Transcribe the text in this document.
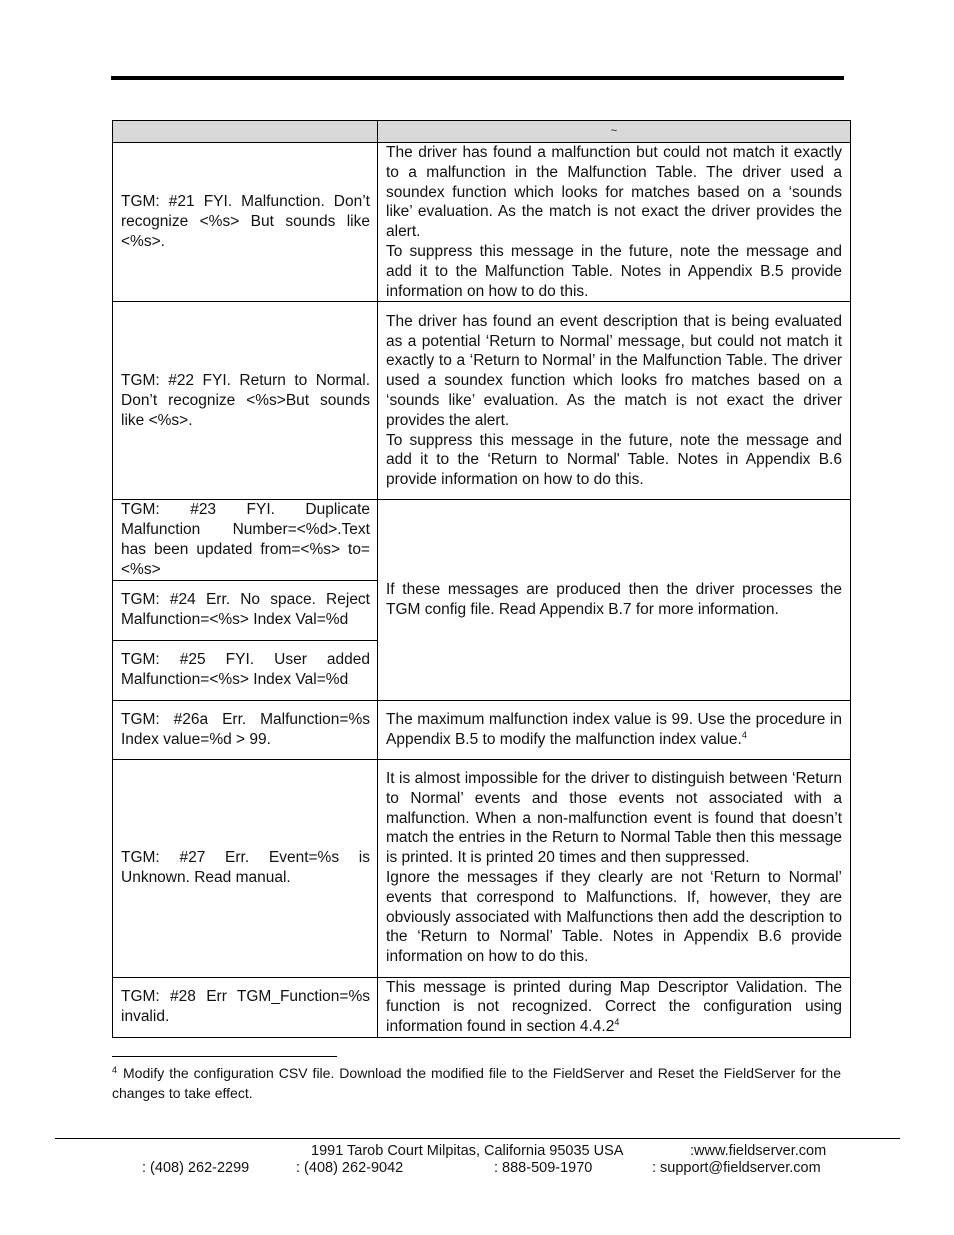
	~
TGM: #21 FYI. Malfunction. Don’t recognize <%s> But sounds like <%s>.	The driver has found a malfunction but could not match it exactly to a malfunction in the Malfunction Table. The driver used a soundex function which looks for matches based on a ‘sounds like’ evaluation. As the match is not exact the driver provides the alert.

To suppress this message in the future, note the message and add it to the Malfunction Table. Notes in Appendix B.5 provide information on how to do this.

TGM: #22 FYI. Return to Normal. Don’t recognize <%s>But sounds like <%s>.	The driver has found an event description that is being evaluated as a potential ‘Return to Normal’ message, but could not match it exactly to a ‘Return to Normal’ in the Malfunction Table. The driver used a soundex function which looks fro matches based on a ‘sounds like’ evaluation. As the match is not exact the driver provides the alert.

To suppress this message in the future, note the message and add it to the ‘Return to Normal' Table. Notes in Appendix B.6 provide information on how to do this.

TGM: #23 FYI. Duplicate Malfunction Number=<%d>.Text has been updated from=<%s> to=<%s>	If these messages are produced then the driver processes the TGM config file. Read Appendix B.7 for more information.
TGM: #24 Err. No space. Reject Malfunction=<%s> Index Val=%d	
TGM: #25 FYI. User added Malfunction=<%s> Index Val=%d	
TGM: #26a Err. Malfunction=%s Index value=%d > 99.	The maximum malfunction index value is 99. Use the procedure in Appendix B.5 to modify the malfunction index value.$^4$
TGM: #27 Err. Event=%s is Unknown. Read manual.	It is almost impossible for the driver to distinguish between ‘Return to Normal’ events and those events not associated with a malfunction. When a non-malfunction event is found that doesn’t match the entries in the Return to Normal Table then this message is printed. It is printed 20 times and then suppressed.

Ignore the messages if they clearly are not ‘Return to Normal’ events that correspond to Malfunctions. If, however, they are obviously associated with Malfunctions then add the description to the ‘Return to Normal’ Table. Notes in Appendix B.6 provide information on how to do this.

TGM: #28 Err TGM_Function=%s invalid.	This message is printed during Map Descriptor Validation. The function is not recognized. Correct the configuration using information found in section 4.4.2$^4$
$^4$ Modify the configuration CSV file. Download the modified file to the FieldServer and Reset the FieldServer for the changes to take effect.
1991 Tarob Court Milpitas, California 95035 USA	:www.fieldserver.com
: (408) 262-2299	: (408) 262-9042	: 888-509-1970	: support@fieldserver.com
